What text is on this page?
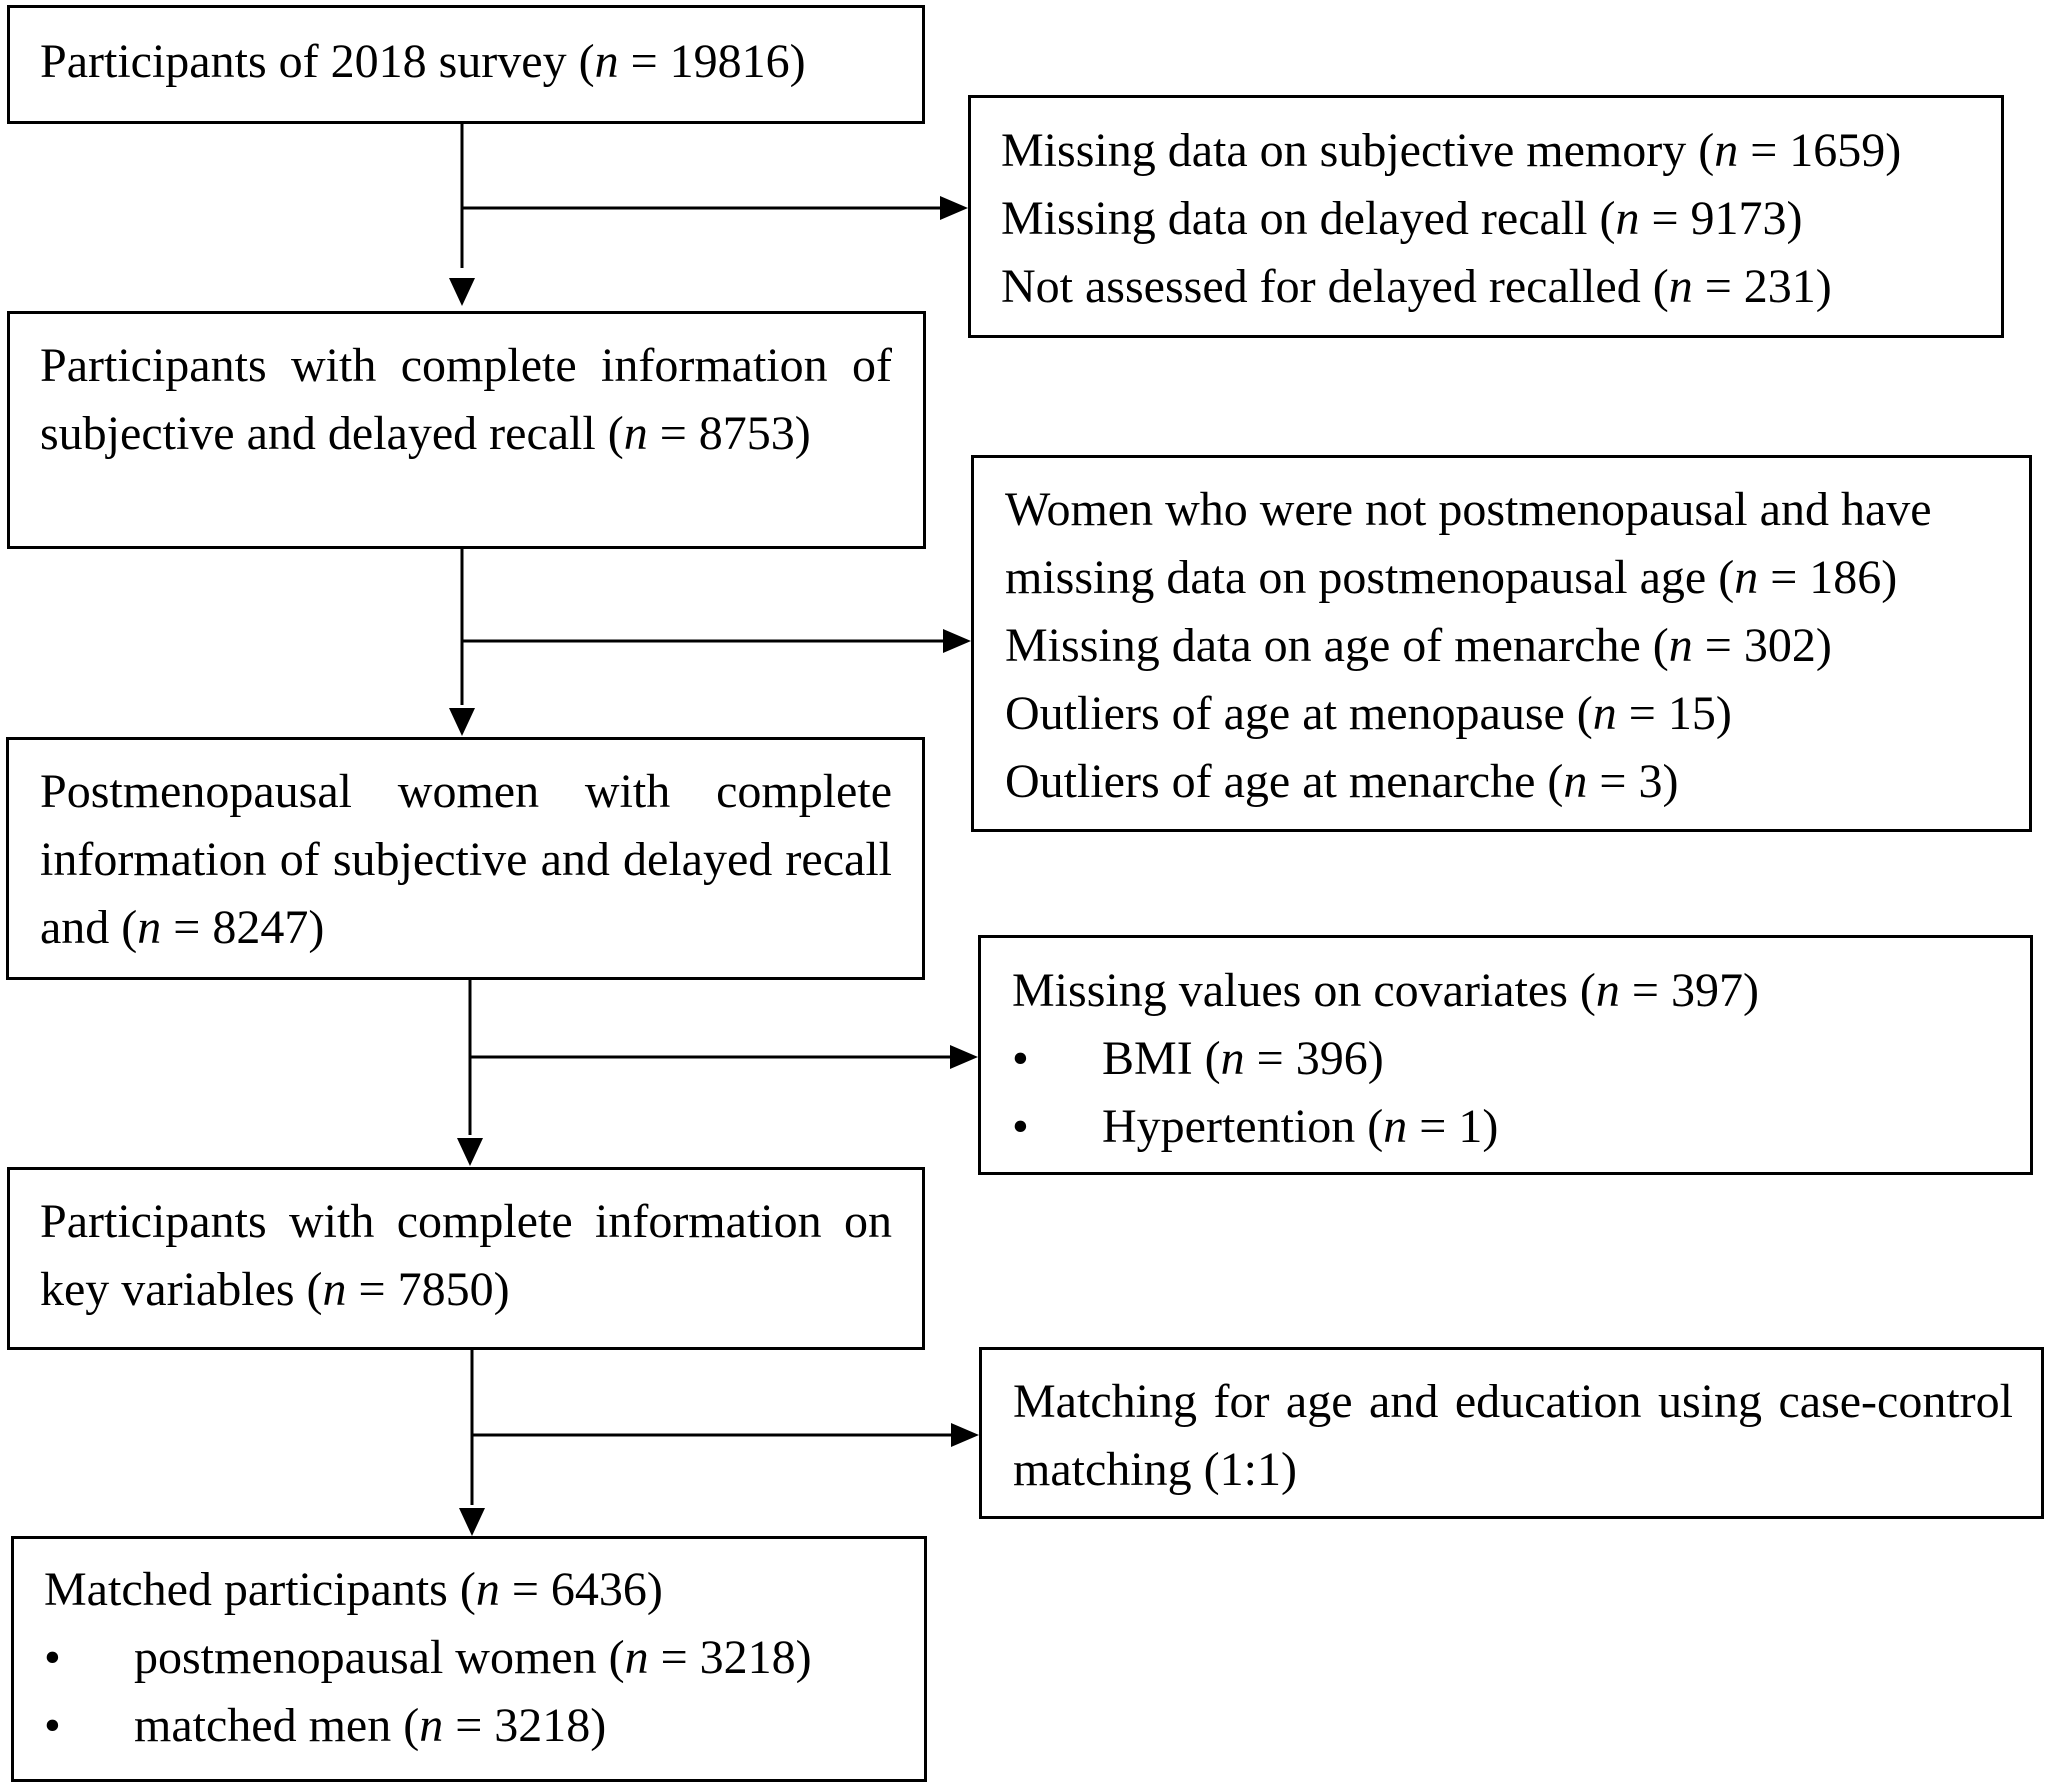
Participants of 2018 survey (n = 19816)
Participants with complete information of subjective and delayed recall (n = 8753)
Postmenopausal women with complete information of subjective and delayed recall and (n = 8247)
Participants with complete information on key variables (n = 7850)
Matched participants (n = 6436)
• postmenopausal women (n = 3218)
• matched men (n = 3218)
Missing data on subjective memory (n = 1659)
Missing data on delayed recall (n = 9173)
Not assessed for delayed recalled (n = 231)
Women who were not postmenopausal and have
missing data on postmenopausal age (n = 186)
Missing data on age of menarche (n = 302)
Outliers of age at menopause (n = 15)
Outliers of age at menarche (n = 3)
Missing values on covariates (n = 397)
• BMI (n = 396)
• Hypertention (n = 1)
Matching for age and education using case-control matching (1:1)
